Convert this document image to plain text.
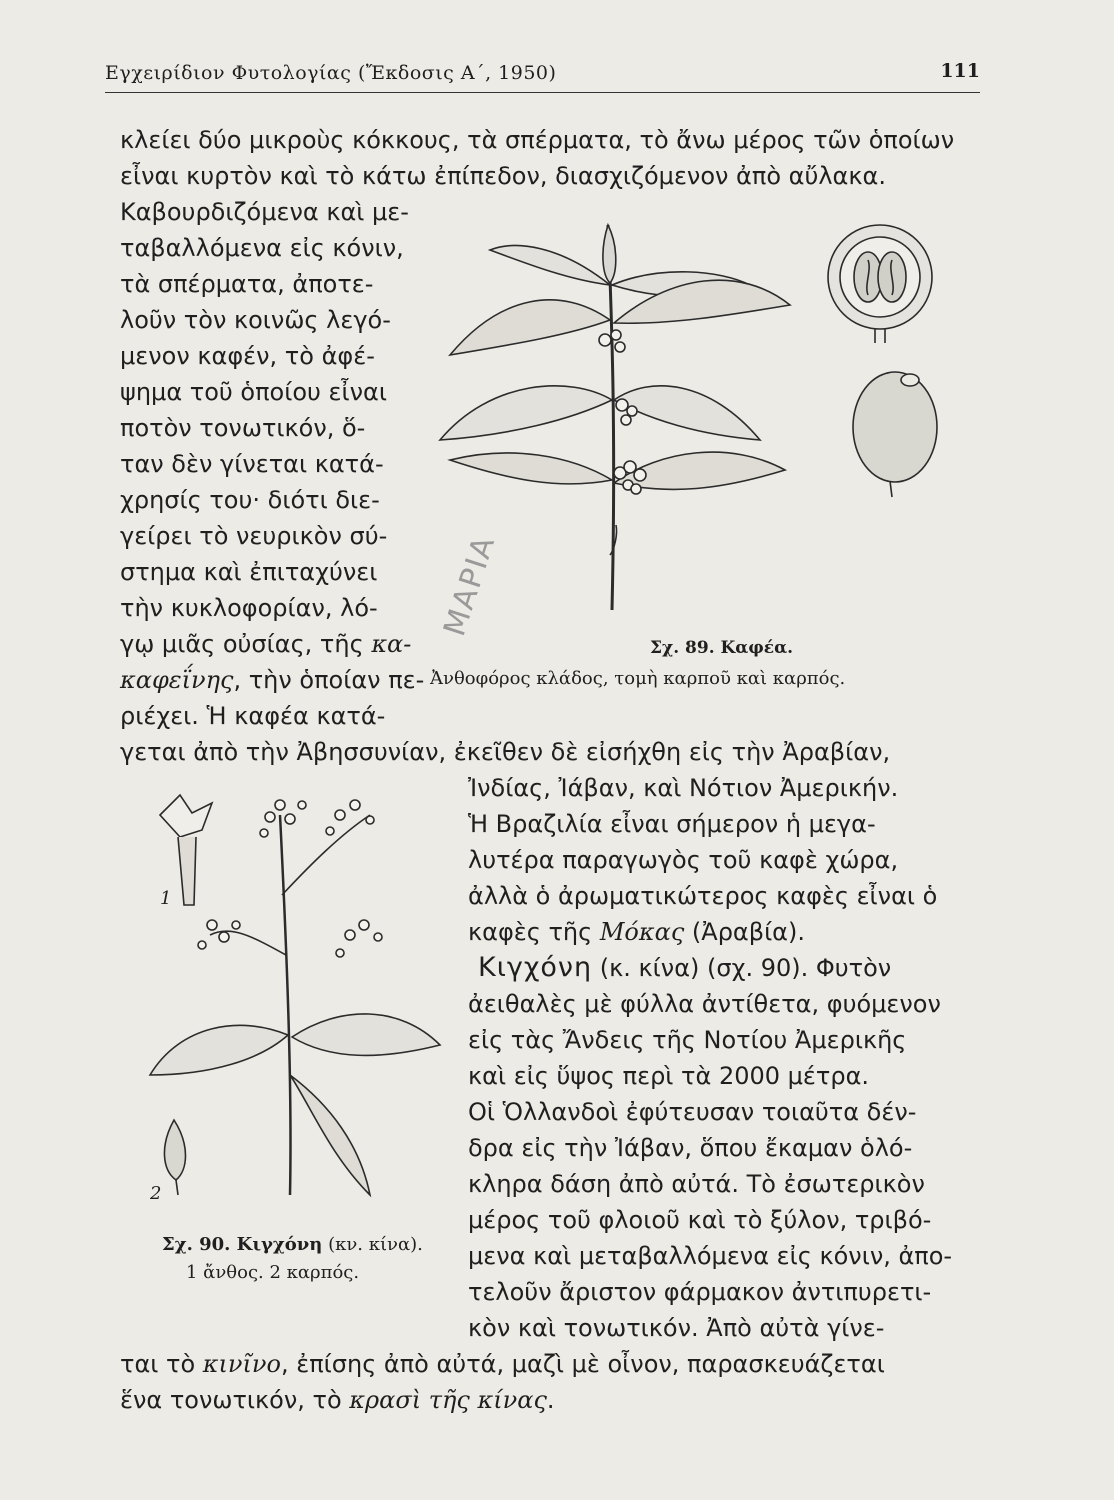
Εγχειρίδιον Φυτολογίας (Ἔκδοσις Α΄, 1950)	111
κλείει δύο μικροὺς κόκκους, τὰ σπέρματα, τὸ ἄνω μέρος τῶν ὁποίων
εἶναι κυρτὸν καὶ τὸ κάτω ἐπίπεδον, διασχιζόμενον ἀπὸ αὔλακα.
Καβουρδιζόμενα καὶ με-
ταβαλλόμενα εἰς κόνιν,
τὰ σπέρματα, ἀποτε-
λοῦν τὸν κοινῶς λεγό-
μενον καφέν, τὸ ἀφέ-
ψημα τοῦ ὁποίου εἶναι
ποτὸν τονωτικόν, ὅ-
ταν δὲν γίνεται κατά-
χρησίς του· διότι διε-
γείρει τὸ νευρικὸν σύ-
στημα καὶ ἐπιταχύνει
τὴν κυκλοφορίαν, λό-
γῳ μιᾶς οὐσίας, τῆς κα-
καφεΐνης, τὴν ὁποίαν πε-
ριέχει. Ἡ καφέα κατά-
γεται ἀπὸ τὴν Ἀβησσυνίαν, ἐκεῖθεν δὲ εἰσήχθη εἰς τὴν Ἀραβίαν,
Ἰνδίας, Ἰάβαν, καὶ Νότιον Ἀμερικήν.
Ἡ Βραζιλία εἶναι σήμερον ἡ μεγα-
λυτέρα παραγωγὸς τοῦ καφὲ χώρα,
ἀλλὰ ὁ ἀρωματικώτερος καφὲς εἶναι ὁ
καφὲς τῆς Μόκας (Ἀραβία).
Κιγχόνη (κ. κίνα) (σχ. 90). Φυτὸν
ἀειθαλὲς μὲ φύλλα ἀντίθετα, φυόμενον
εἰς τὰς Ἄνδεις τῆς Νοτίου Ἀμερικῆς
καὶ εἰς ὕψος περὶ τὰ 2000 μέτρα.
Οἱ Ὁλλανδοὶ ἐφύτευσαν τοιαῦτα δέν-
δρα εἰς τὴν Ἰάβαν, ὅπου ἔκαμαν ὁλό-
κληρα δάση ἀπὸ αὐτά. Τὸ ἐσωτερικὸν
μέρος τοῦ φλοιοῦ καὶ τὸ ξύλον, τριβό-
μενα καὶ μεταβαλλόμενα εἰς κόνιν, ἀπο-
τελοῦν ἄριστον φάρμακον ἀντιπυρετι-
κὸν καὶ τονωτικόν. Ἀπὸ αὐτὰ γίνε-
ται τὸ κινῖνο, ἐπίσης ἀπὸ αὐτά, μαζὶ μὲ οἶνον, παρασκευάζεται
ἕνα τονωτικόν, τὸ κρασὶ τῆς κίνας.
Σχ. 89. Καφέα.
Ἀνθοφόρος κλάδος, τομὴ καρποῦ καὶ καρπός.
ΜΑΡΙΑ
1
2
Σχ. 90. Κιγχόνη (κν. κίνα).
1 ἄνθος. 2 καρπός.
